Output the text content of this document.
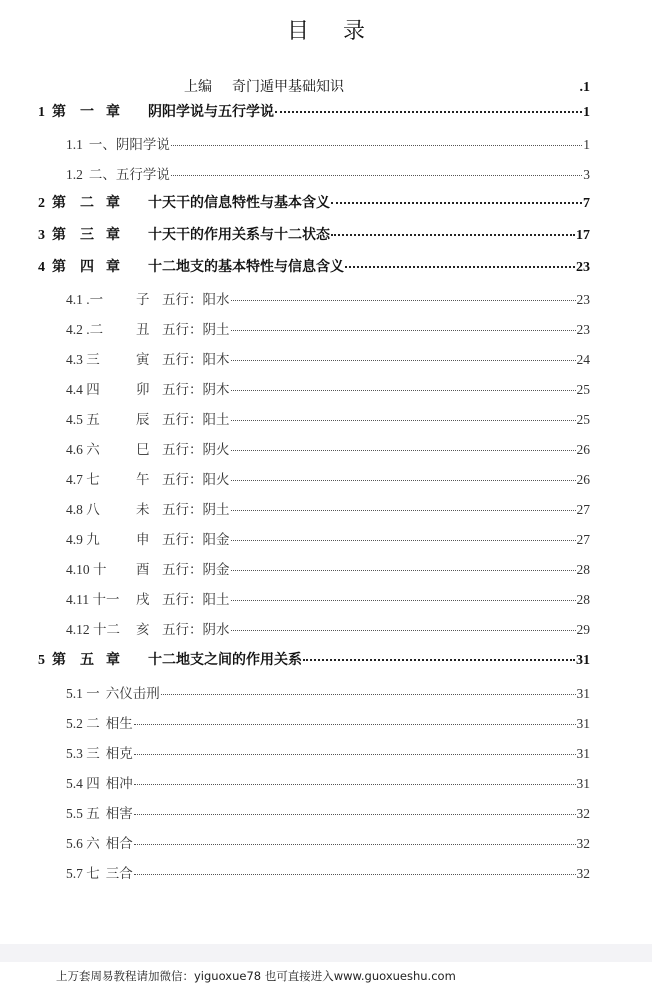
目录
上编 奇门遁甲基础知识	.1
1 第	一 章	阴阳学说与五行学说	1
1.1 一、阴阳学说	1
1.2 二、五行学说	3
2 第	二 章	十天干的信息特性与基本含义	7
3 第	三 章	十天干的作用关系与十二状态	17
4 第	四 章	十二地支的基本特性与信息含义	23
4.1 .一	子 五行：阳水	23
4.2 .二	丑 五行：阴土	23
4.3 三	寅 五行：阳木	24
4.4 四	卯 五行：阴木	25
4.5 五	辰 五行：阳土	25
4.6 六	巳 五行：阴火	26
4.7 七	午 五行：阳火	26
4.8 八	未 五行：阴土	27
4.9 九	申 五行：阳金	27
4.10 十	酉 五行：阴金	28
4.11 十一	戌 五行：阳土	28
4.12 十二	亥 五行：阴水	29
5 第	五 章	十二地支之间的作用关系	31
5.1 一 六仪击刑	31
5.2 二 相生	31
5.3 三 相克	31
5.4 四 相冲	31
5.5 五 相害	32
5.6 六 相合	32
5.7 七 三合	32
上万套周易教程请加微信：yiguoxue78 也可直接进入www.guoxueshu.com
